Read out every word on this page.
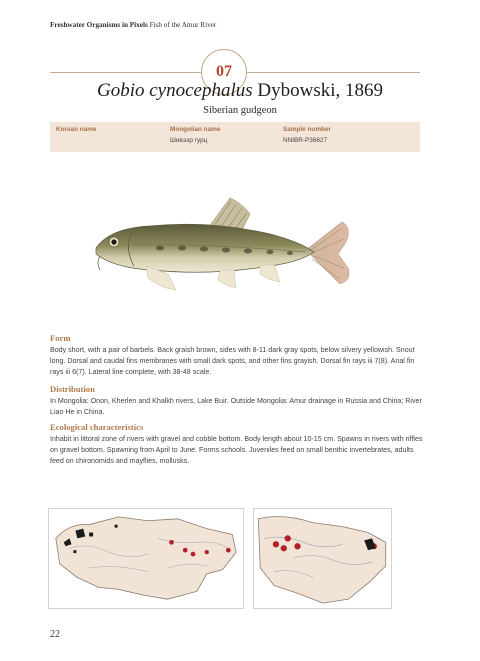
Freshwater Organisms in Pixels Fish of the Amur River
07
Gobio cynocephalus Dybowski, 1869
Siberian gudgeon
Korean name	Mongolian name
Шивээр гурц
Sample number
NNIBR-P36627
Form
Body short, with a pair of barbels. Back graish brown, sides with 8-11 dark gray spots, below silvery yellowish. Snout long. Dorsal and caudal fins membranes with small dark spots, and other fins grayish. Dorsal fin rays iii 7(8). Anal fin rays iii 6(7). Lateral line complete, with 38-48 scale.
Distribution
In Mongolia: Onon, Kherlen and Khalkh rivers, Lake Buir. Outside Mongolia: Amur drainage in Russia and China; River Liao He in China.
Ecological characteristics
Inhabit in littoral zone of rivers with gravel and cobble bottom. Body length about 10-15 cm. Spawns in rivers with riffles on gravel bottom. Spawning from April to June. Forms schools. Juveniles feed on small benthic invertebrates, adults feed on chironomids and mayflies, mollusks.
22
